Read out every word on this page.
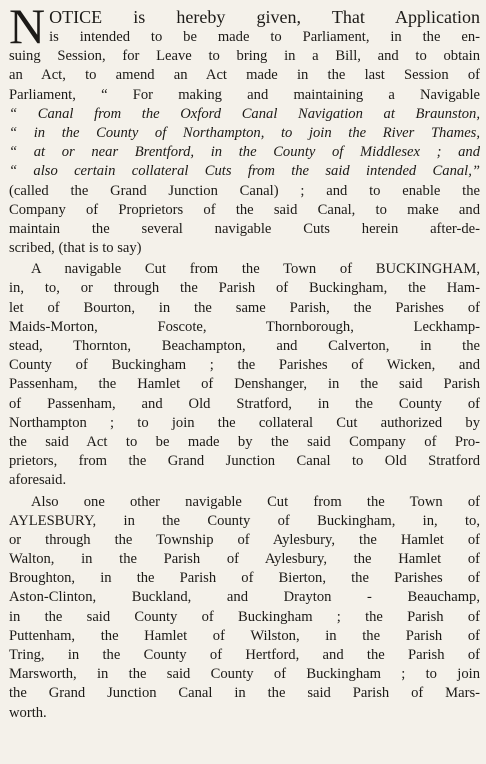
N OTICE is hereby given, That Application
is intended to be made to Parliament, in the en-
suing Session, for Leave to bring in a Bill, and to obtain
an Act, to amend an Act made in the last Session of
Parliament, “ For making and maintaining a Navigable
“ Canal from the Oxford Canal Navigation at Braunston,
“ in the County of Northampton, to join the River Thames,
“ at or near Brentford, in the County of Middlesex ; and
“ also certain collateral Cuts from the said intended Canal,”
(called the Grand Junction Canal) ; and to enable the
Company of Proprietors of the said Canal, to make and
maintain the several navigable Cuts herein after-de-
scribed, (that is to say)
A navigable Cut from the Town of BUCKINGHAM,
in, to, or through the Parish of Buckingham, the Ham-
let of Bourton, in the same Parish, the Parishes of
Maids-Morton, Foscote, Thornborough, Leckhamp-
stead, Thornton, Beachampton, and Calverton, in the
County of Buckingham ; the Parishes of Wicken, and
Passenham, the Hamlet of Denshanger, in the said Parish
of Passenham, and Old Stratford, in the County of
Northampton ; to join the collateral Cut authorized by
the said Act to be made by the said Company of Pro-
prietors, from the Grand Junction Canal to Old Stratford
aforesaid.
Also one other navigable Cut from the Town of
AYLESBURY, in the County of Buckingham, in, to,
or through the Township of Aylesbury, the Hamlet of
Walton, in the Parish of Aylesbury, the Hamlet of
Broughton, in the Parish of Bierton, the Parishes of
Aston-Clinton, Buckland, and Drayton - Beauchamp,
in the said County of Buckingham ; the Parish of
Puttenham, the Hamlet of Wilston, in the Parish of
Tring, in the County of Hertford, and the Parish of
Marsworth, in the said County of Buckingham ; to join
the Grand Junction Canal in the said Parish of Mars-
worth.
